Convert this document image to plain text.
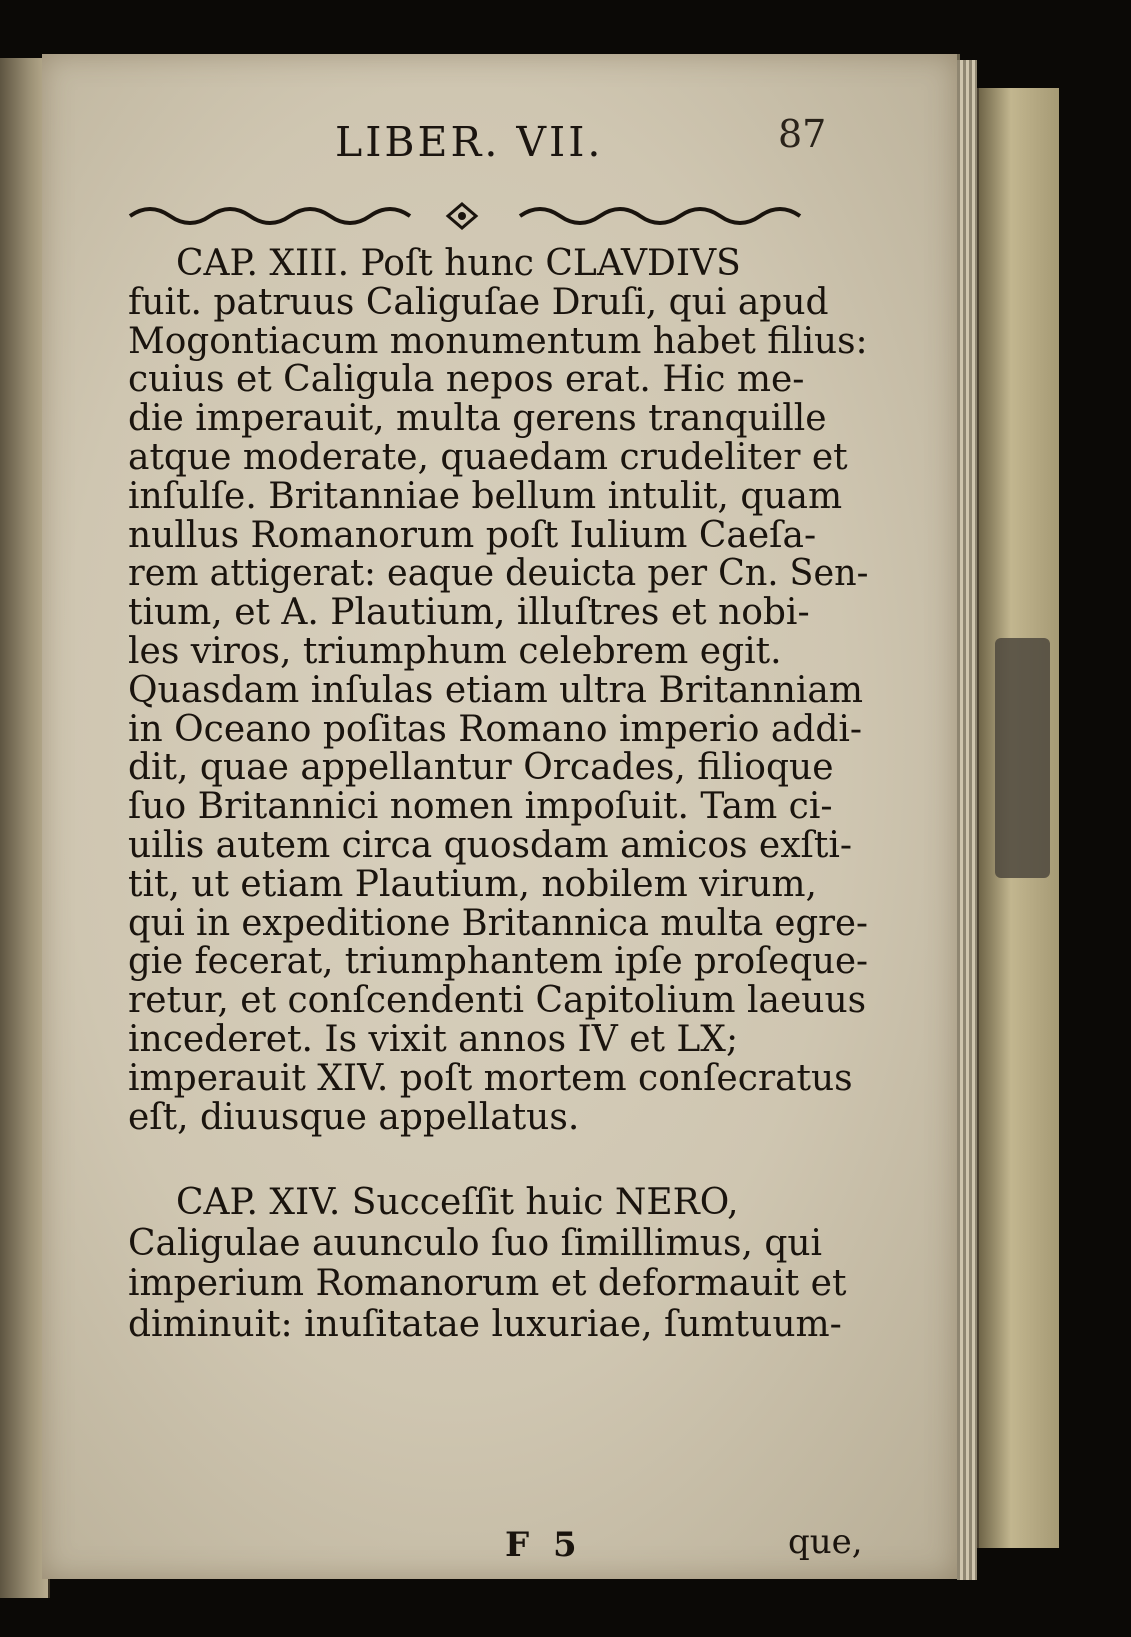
LIBER. VII.	87
CAP. XIII. Poſt hunc CLAVDIVS
fuit. patruus Caliguſae Druſi, qui apud
Mogontiacum monumentum habet filius:
cuius et Caligula nepos erat. Hic me-
die imperauit, multa gerens tranquille
atque moderate, quaedam crudeliter et
inſulſe. Britanniae bellum intulit, quam
nullus Romanorum poſt Iulium Caeſa-
rem attigerat: eaque deuicta per Cn. Sen-
tium, et A. Plautium, illuſtres et nobi-
les viros, triumphum celebrem egit.
Quasdam inſulas etiam ultra Britanniam
in Oceano poſitas Romano imperio addi-
dit, quae appellantur Orcades, filioque
ſuo Britannici nomen impoſuit. Tam ci-
uilis autem circa quosdam amicos exſti-
tit, ut etiam Plautium, nobilem virum,
qui in expeditione Britannica multa egre-
gie fecerat, triumphantem ipſe proſeque-
retur, et conſcendenti Capitolium laeuus
incederet. Is vixit annos IV et LX;
imperauit XIV. poſt mortem conſecratus
eſt, diuusque appellatus.
CAP. XIV. Succeſſit huic NERO,
Caligulae auunculo ſuo ſimillimus, qui
imperium Romanorum et deformauit et
diminuit: inuſitatae luxuriae, ſumtuum-
F 5	que,
